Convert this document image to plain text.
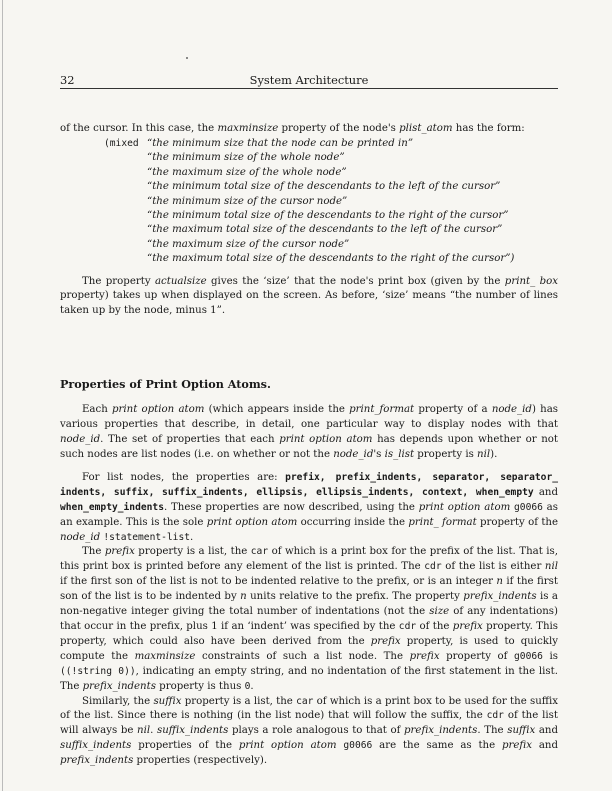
32	System Architecture

of the cursor. In this case, the maxminsize property of the node's plist_atom has the form:

(mixed “the minimum size that the node can be printed in”
“the minimum size of the whole node”
“the maximum size of the whole node”
“the minimum total size of the descendants to the left of the cursor”
“the minimum size of the cursor node”
“the minimum total size of the descendants to the right of the cursor”
“the maximum total size of the descendants to the left of the cursor”
“the maximum size of the cursor node”
“the maximum total size of the descendants to the right of the cursor”)

The property actualsize gives the ‘size’ that the node's print box (given by the print_ box property) takes up when displayed on the screen. As before, ‘size’ means “the number of lines taken up by the node, minus 1”.

Properties of Print Option Atoms.

Each print option atom (which appears inside the print_format property of a node_id) has various properties that describe, in detail, one particular way to display nodes with that node_id. The set of properties that each print option atom has depends upon whether or not such nodes are list nodes (i.e. on whether or not the node_id's is_list property is nil).

For list nodes, the properties are: prefix, prefix_indents, separator, separator_ indents, suffix, suffix_indents, ellipsis, ellipsis_indents, context, when_empty and when_empty_indents. These properties are now described, using the print option atom g0066 as an example. This is the sole print option atom occurring inside the print_ format property of the node_id !statement-list.

The prefix property is a list, the car of which is a print box for the prefix of the list. That is, this print box is printed before any element of the list is printed. The cdr of the list is either nil if the first son of the list is not to be indented relative to the prefix, or is an integer n if the first son of the list is to be indented by n units relative to the prefix. The property prefix_indents is a non-negative integer giving the total number of indentations (not the size of any indentations) that occur in the prefix, plus 1 if an ‘indent’ was specified by the cdr of the prefix property. This property, which could also have been derived from the prefix property, is used to quickly compute the maxminsize constraints of such a list node. The prefix property of g0066 is ((!string 0)), indicating an empty string, and no indentation of the first statement in the list. The prefix_indents property is thus 0.

Similarly, the suffix property is a list, the car of which is a print box to be used for the suffix of the list. Since there is nothing (in the list node) that will follow the suffix, the cdr of the list will always be nil. suffix_indents plays a role analogous to that of prefix_indents. The suffix and suffix_indents properties of the print option atom g0066 are the same as the prefix and prefix_indents properties (respectively).
